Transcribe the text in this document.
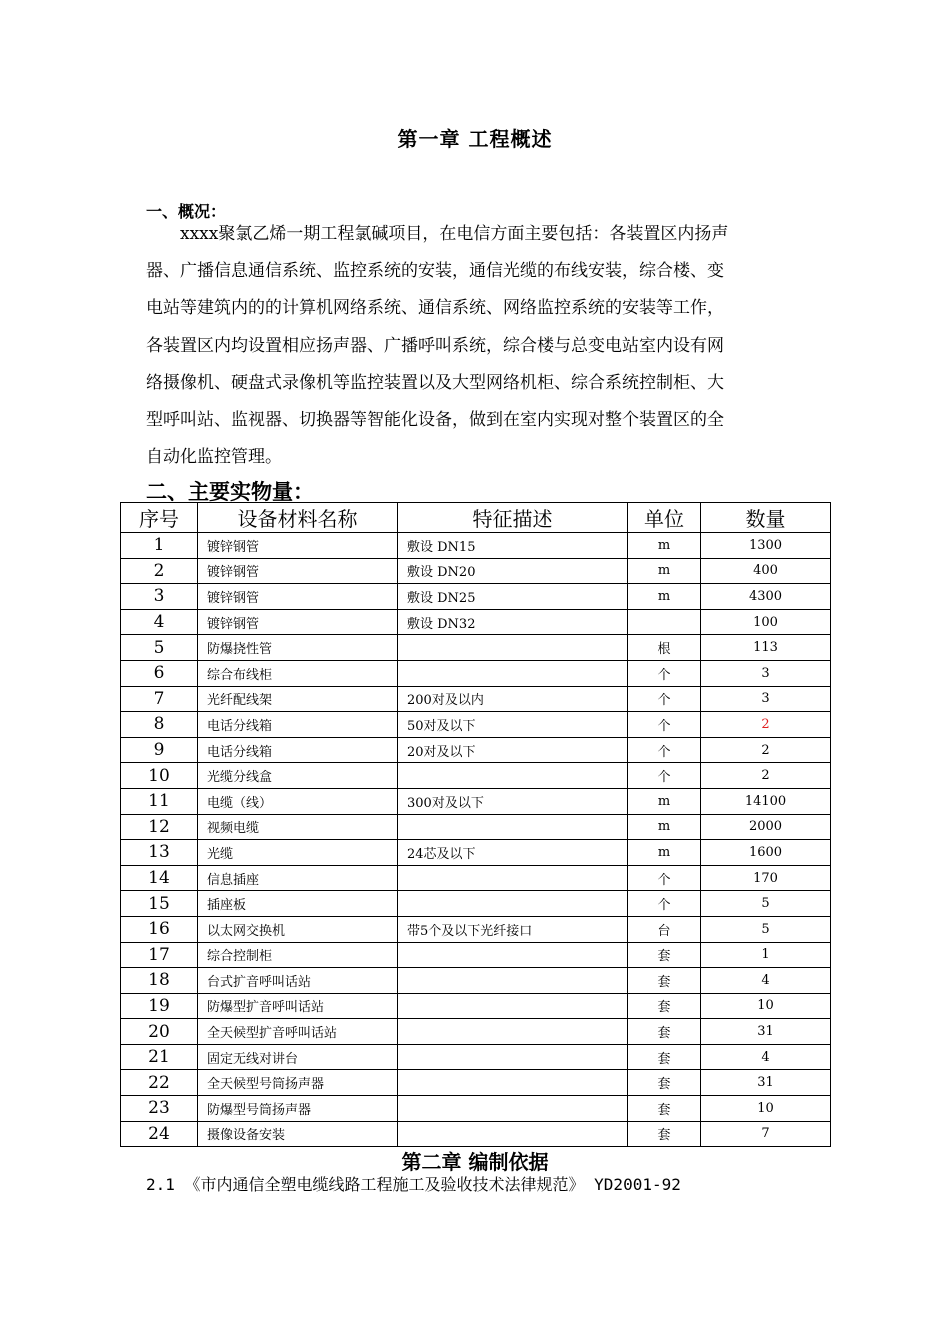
第一章 工程概述
一、概况：
xxxx聚氯乙烯一期工程氯碱项目，在电信方面主要包括：各装置区内扬声
器、广播信息通信系统、监控系统的安装，通信光缆的布线安装，综合楼、变
电站等建筑内的的计算机网络系统、通信系统、网络监控系统的安装等工作，
各装置区内均设置相应扬声器、广播呼叫系统，综合楼与总变电站室内设有网
络摄像机、硬盘式录像机等监控装置以及大型网络机柜、综合系统控制柜、大
型呼叫站、监视器、切换器等智能化设备，做到在室内实现对整个装置区的全
自动化监控管理。
二、主要实物量：
序号	设备材料名称	特征描述	单位	数量
1	镀锌钢管	敷设 DN15	m	1300
2	镀锌钢管	敷设 DN20	m	400
3	镀锌钢管	敷设 DN25	m	4300
4	镀锌钢管	敷设 DN32		100
5	防爆挠性管		根	113
6	综合布线柜		个	3
7	光纤配线架	200对及以内	个	3
8	电话分线箱	50对及以下	个	2
9	电话分线箱	20对及以下	个	2
10	光缆分线盒		个	2
11	电缆（线）	300对及以下	m	14100
12	视频电缆		m	2000
13	光缆	24芯及以下	m	1600
14	信息插座		个	170
15	插座板		个	5
16	以太网交换机	带5个及以下光纤接口	台	5
17	综合控制柜		套	1
18	台式扩音呼叫话站		套	4
19	防爆型扩音呼叫话站		套	10
20	全天候型扩音呼叫话站		套	31
21	固定无线对讲台		套	4
22	全天候型号筒扬声器		套	31
23	防爆型号筒扬声器		套	10
24	摄像设备安装		套	7
第二章 编制依据
2.1 《市内通信全塑电缆线路工程施工及验收技术法律规范》 YD2001-92
